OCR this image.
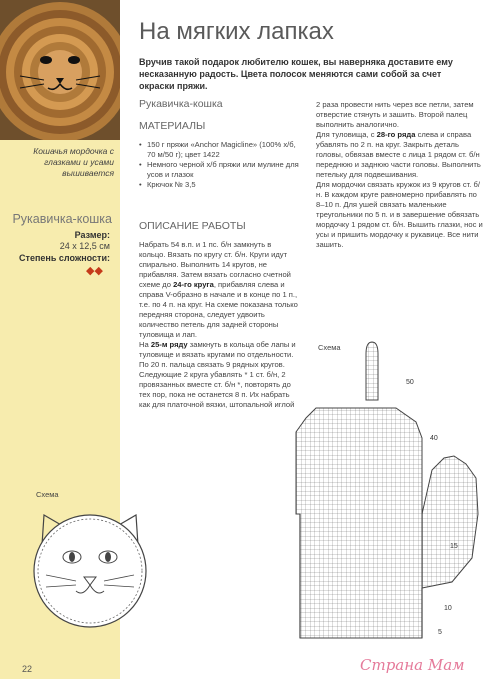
Кошачья мордочка с глазками и усами вышивается
Рукавичка-кошка
Размер:
24 x 12,5 см
Степень сложности:
◆◆
Схема
22
На мягких лапках
Вручив такой подарок любителю кошек, вы наверняка доставите ему несказанную радость. Цвета полосок меняются сами собой за счет окраски пряжи.
Рукавичка-кошка
МАТЕРИАЛЫ
• 150 г пряжи «Anchor Magicline» (100% х/б, 70 м/50 г); цвет 1422
• Немного черной х/б пряжи или мулине для усов и глазок
• Крючок № 3,5
ОПИСАНИЕ РАБОТЫ

Набрать 54 в.п. и 1 пс. б/н замкнуть в кольцо. Вязать по кругу ст. б/н. Круги идут спирально. Выполнить 14 кругов, не прибавляя. Затем вязать согласно счетной схеме до 24-го круга, прибавляя слева и справа V-образно в начале и в конце по 1 п., т.е. по 4 п. на круг. На схеме показана только передняя сторона, следует удвоить количество петель для задней стороны туловища и лап.

На 25-м ряду замкнуть в кольца обе лапы и туловище и вязать кругами по отдельности. По 20 п. пальца связать 9 рядных кругов. Следующие 2 круга убавлять * 1 ст. б/н, 2 провязанных вместе ст. б/н *, повторять до тех пор, пока не останется 8 п. Их набрать как для платочной вязки, штопальной иглой

2 раза провести нить через все петли, затем отверстие стянуть и зашить. Второй палец выполнить аналогично.

Для туловища, с 28-го ряда слева и справа убавлять по 2 п. на круг. Закрыть деталь головы, обвязав вместе с лица 1 рядом ст. б/н переднюю и заднюю части головы. Выполнить петельку для подвешивания.

Для мордочки связать кружок из 9 кругов ст. б/н. В каждом круге равномерно прибавлять по 8–10 п. Для ушей связать маленькие треугольники по 5 п. и в завершение обвязать мордочку 1 рядом ст. б/н. Вышить глазки, нос и усы и пришить мордочку к рукавице. Все нити зашить.

Схема
50
40
15
10
5
Страна Мам
